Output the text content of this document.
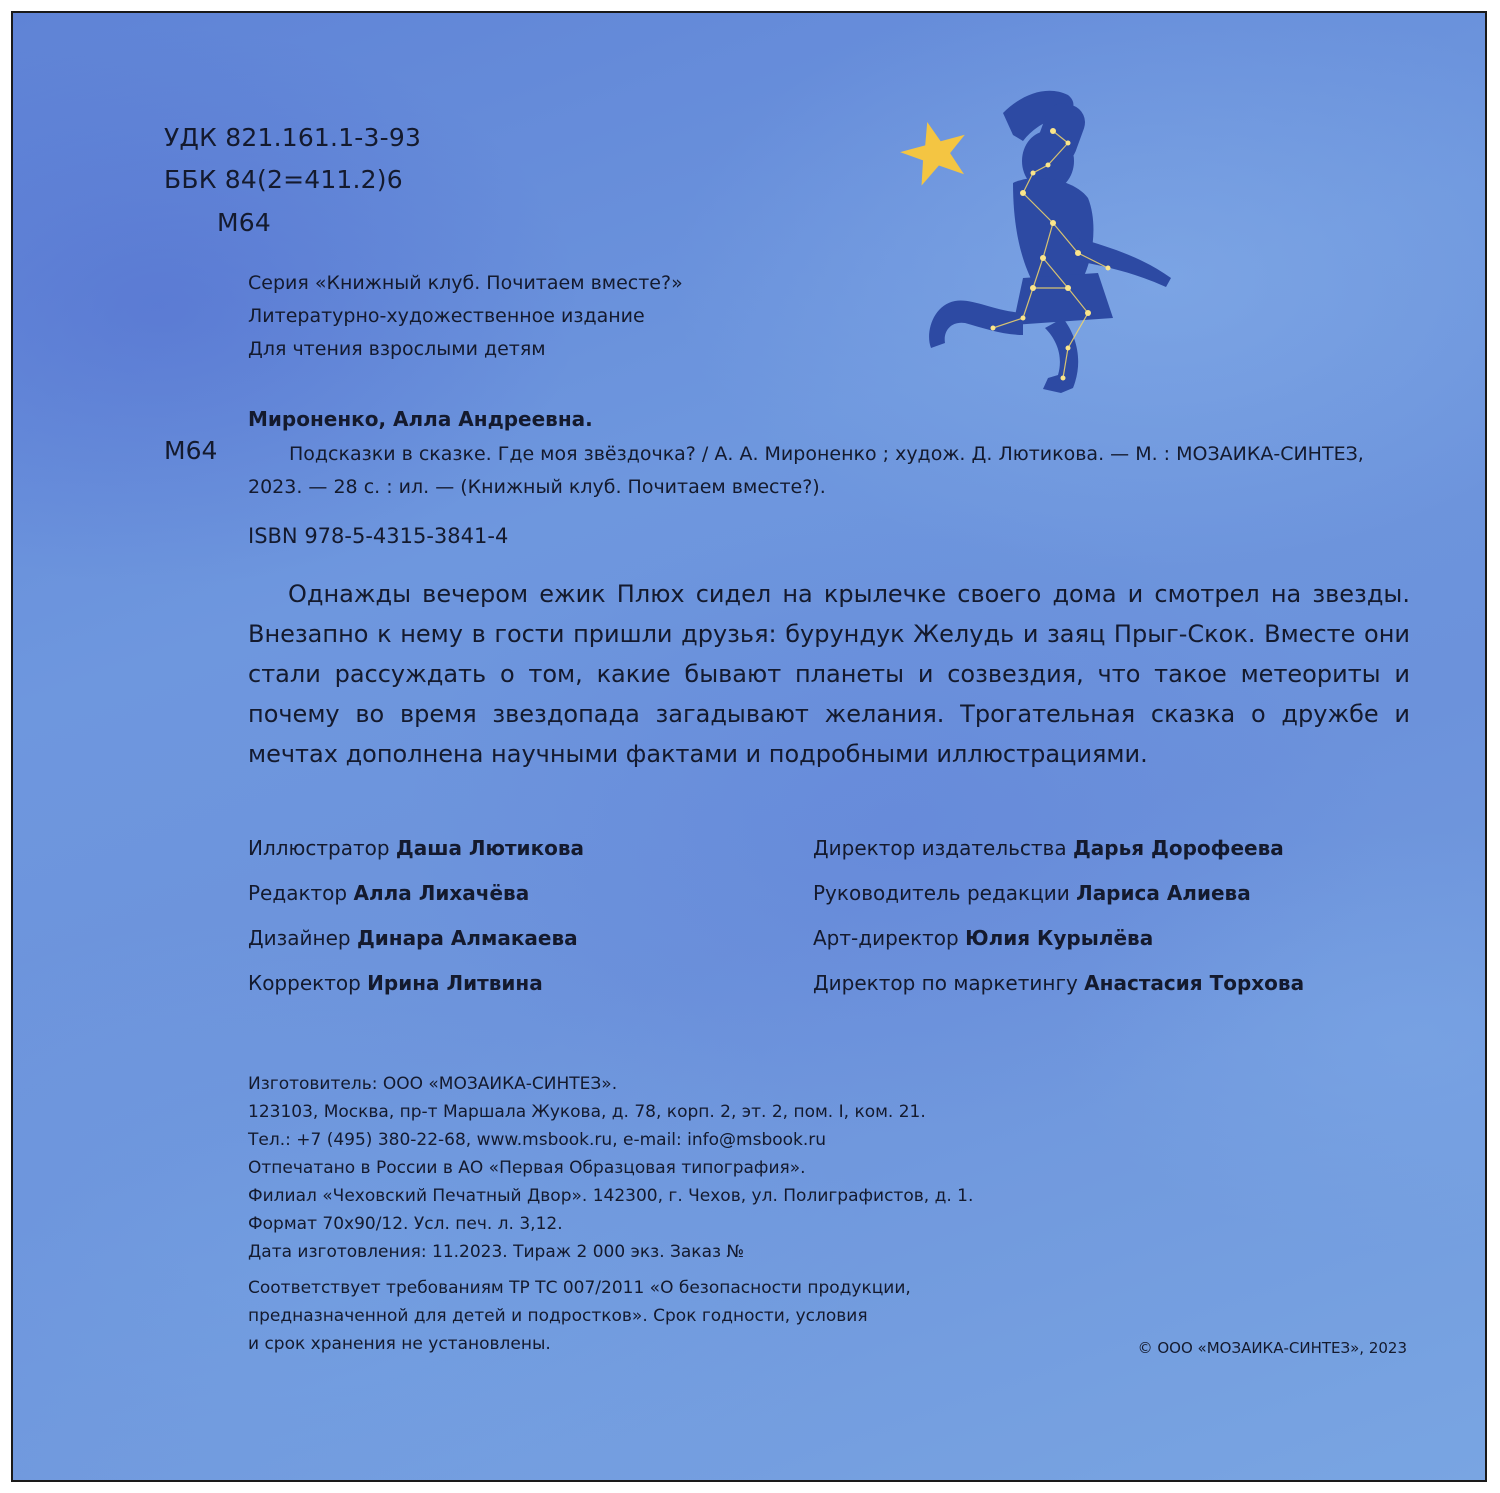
УДК 821.161.1-3-93
ББК 84(2=411.2)6
М64
Серия «Книжный клуб. Почитаем вместе?»
Литературно-художественное издание
Для чтения взрослыми детям
Мироненко, Алла Андреевна.
М64	Подсказки в сказке. Где моя звёздочка? / А. А. Мироненко ; худож. Д. Лютикова. — М. : МОЗАИКА-СИНТЕЗ,
2023. — 28 с. : ил. — (Книжный клуб. Почитаем вместе?).
ISBN 978-5-4315-3841-4

Однажды вечером ежик Плюх сидел на крылечке своего дома и смотрел на звезды. Внезапно к нему в гости пришли друзья: бурундук Желудь и заяц Прыг-Скок. Вместе они стали рассуждать о том, какие бывают планеты и созвездия, что такое метеориты и почему во время звездопада загадывают желания. Трогательная сказка о дружбе и мечтах дополнена научными фактами и подробными иллюстрациями.

Иллюстратор Даша Лютикова
Редактор Алла Лихачёва
Дизайнер Динара Алмакаева
Корректор Ирина Литвина
Директор издательства Дарья Дорофеева
Руководитель редакции Лариса Алиева
Арт-директор Юлия Курылёва
Директор по маркетингу Анастасия Торхова
Изготовитель: ООО «МОЗАИКА-СИНТЕЗ».
123103, Москва, пр-т Маршала Жукова, д. 78, корп. 2, эт. 2, пом. I, ком. 21.
Тел.: +7 (495) 380-22-68, www.msbook.ru, e-mail: info@msbook.ru
Отпечатано в России в АО «Первая Образцовая типография».
Филиал «Чеховский Печатный Двор». 142300, г. Чехов, ул. Полиграфистов, д. 1.
Формат 70x90/12. Усл. печ. л. 3,12.
Дата изготовления: 11.2023. Тираж 2 000 экз. Заказ №
Соответствует требованиям ТР ТС 007/2011 «О безопасности продукции,
предназначенной для детей и подростков». Срок годности, условия
и срок хранения не установлены.	© ООО «МОЗАИКА-СИНТЕЗ», 2023
